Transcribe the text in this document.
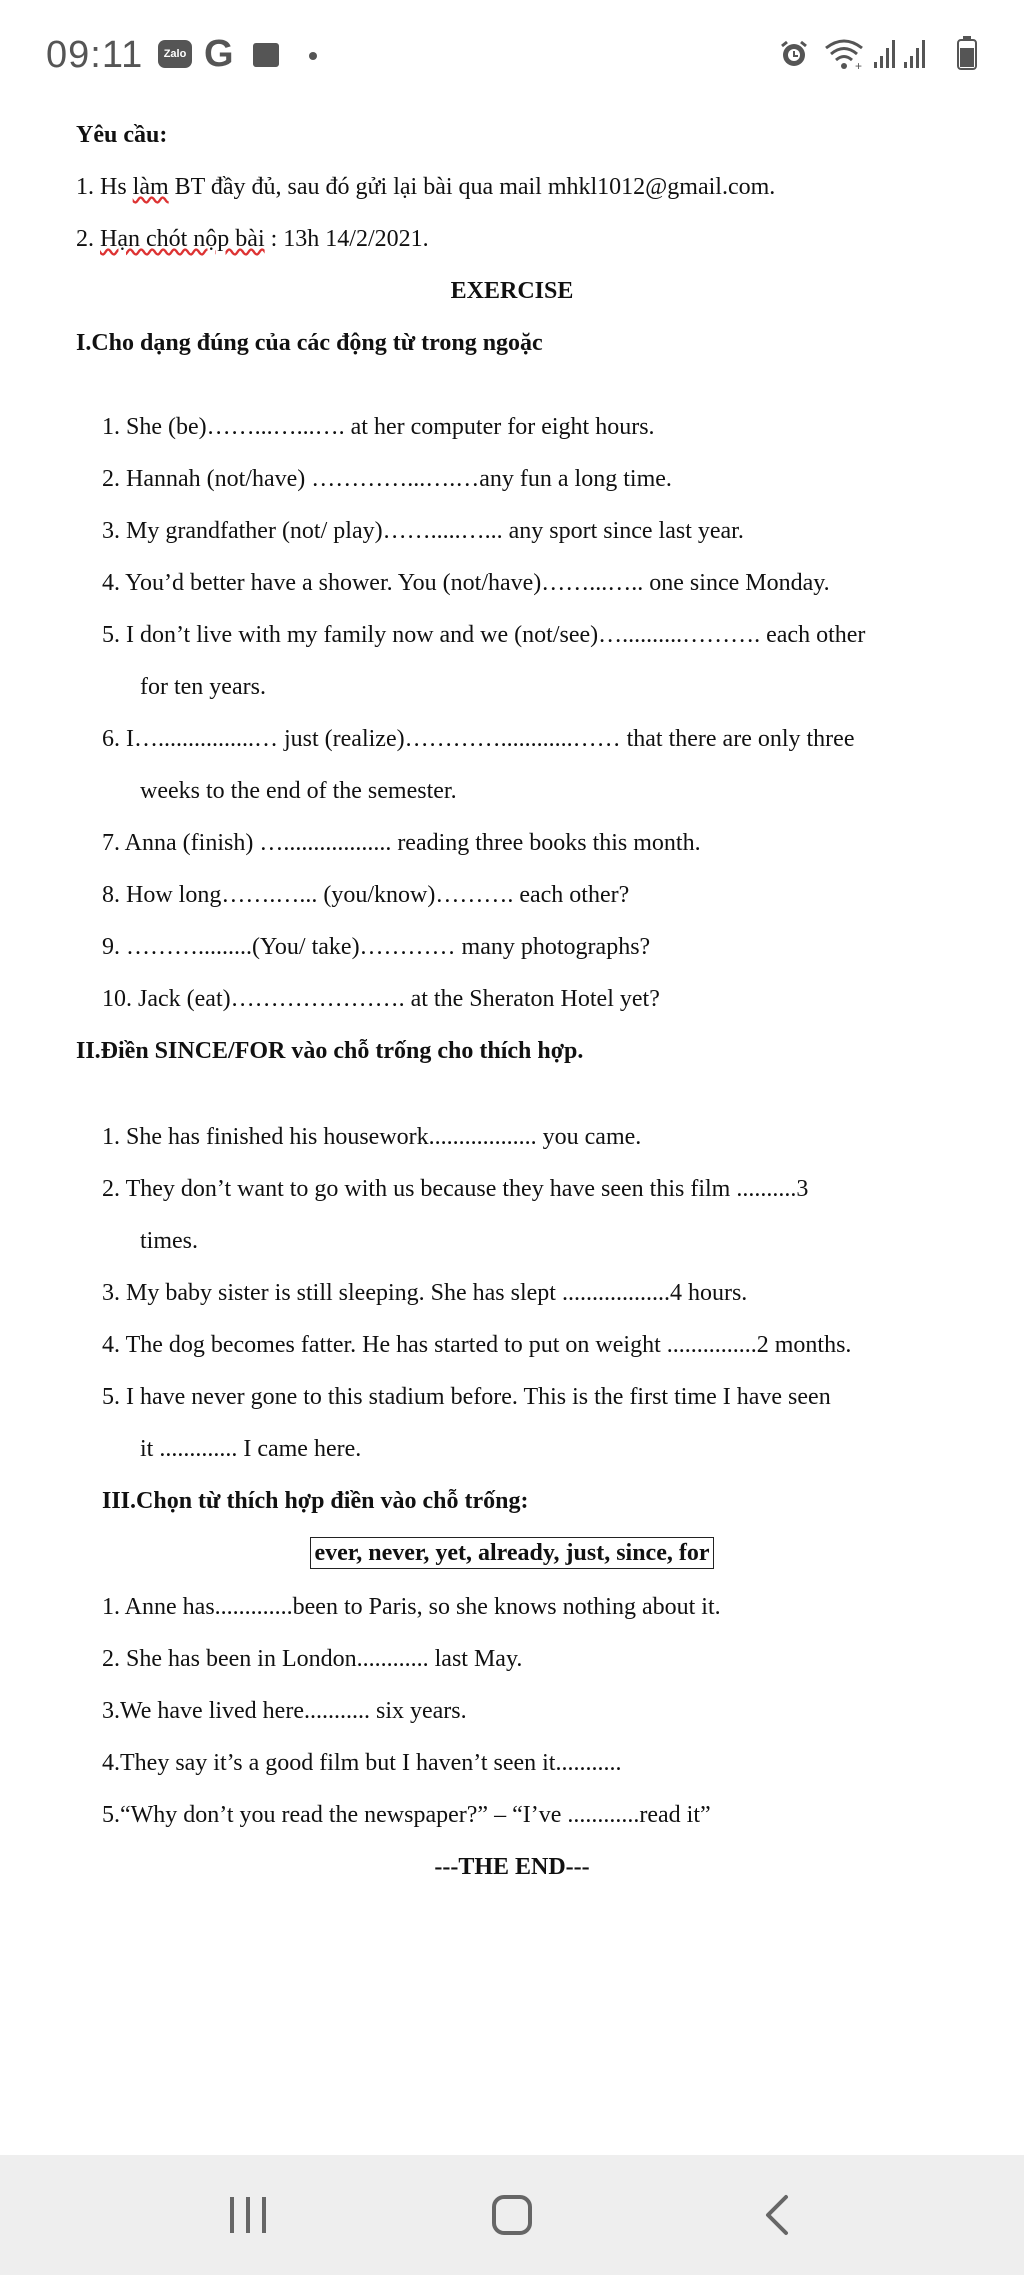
09:11	Zalo G	+
Yêu cầu:
1. Hs làm BT đầy đủ, sau đó gửi lại bài qua mail mhkl1012@gmail.com.
2. Hạn chót nộp bài : 13h 14/2/2021.
EXERCISE
I.Cho dạng đúng của các động từ trong ngoặc
1. She (be)……...…...…. at her computer for eight hours.
2. Hannah (not/have) …………...….…any fun a long time.
3. My grandfather (not/ play)…….....…... any sport since last year.
4. You’d better have a shower. You (not/have)……...….. one since Monday.
5. I don’t live with my family now and we (not/see)…..........………. each other
for ten years.
6. I…................… just (realize)…………............…… that there are only three
weeks to the end of the semester.
7. Anna (finish) ….................. reading three books this month.
8. How long…….…... (you/know)………. each other?
9. ……….........(You/ take)………… many photographs?
10. Jack (eat)…………………. at the Sheraton Hotel yet?
II.Điền SINCE/FOR vào chỗ trống cho thích hợp.
1. She has finished his housework.................. you came.
2. They don’t want to go with us because they have seen this film ..........3
times.
3. My baby sister is still sleeping. She has slept ..................4 hours.
4. The dog becomes fatter. He has started to put on weight ...............2 months.
5. I have never gone to this stadium before. This is the first time I have seen
it ............. I came here.
III.Chọn từ thích hợp điền vào chỗ trống:
ever, never, yet, already, just, since, for
1. Anne has.............been to Paris, so she knows nothing about it.
2. She has been in London............ last May.
3.We have lived here........... six years.
4.They say it’s a good film but I haven’t seen it...........
5.“Why don’t you read the newspaper?” – “I’ve ............read it”
---THE END---
